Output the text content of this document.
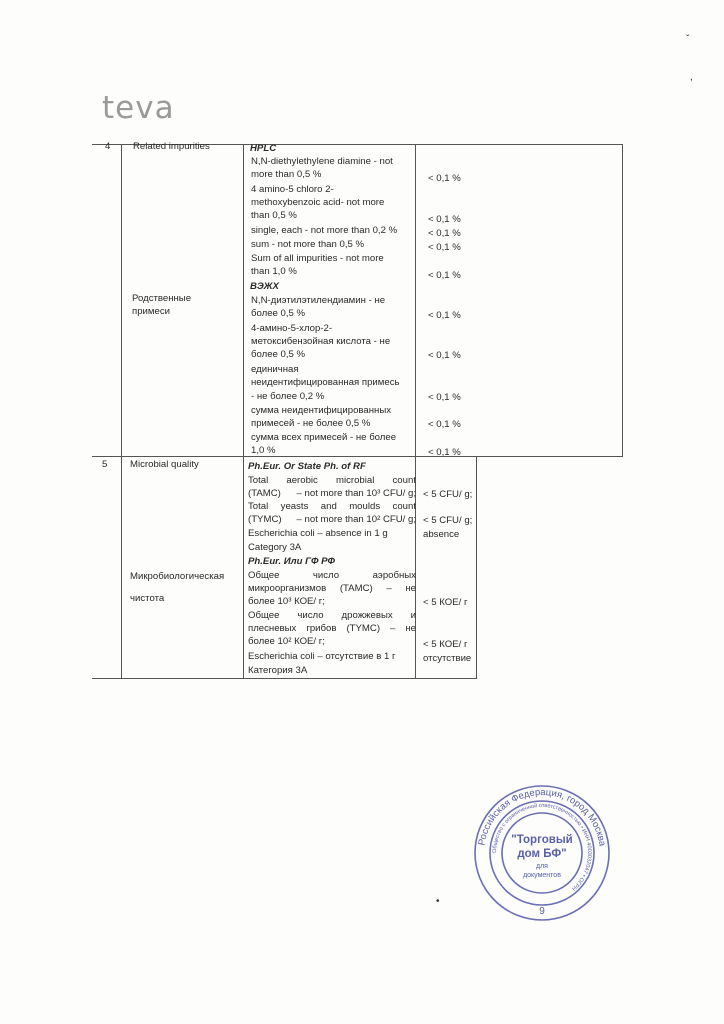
teva
4 Related impurities
Родственные
примеси
HPLC
N,N-diethylethylene diamine - not
more than 0,5 %
4 amino-5 chloro 2-
methoxybenzoic acid- not more
than 0,5 %
single, each - not more than 0,2 %
sum - not more than 0,5 %
Sum of all impurities - not more
than 1,0 %
< 0,1 %
< 0,1 %
< 0,1 %
< 0,1 %
< 0,1 %
ВЭЖХ
N,N-диэтилэтилендиамин - не
более 0,5 %
4-амино-5-хлор-2-
метоксибензойная кислота - не
более 0,5 %
единичная
неидентифицированная примесь
- не более 0,2 %
сумма неидентифицированных
примесей - не более 0,5 %
сумма всех примесей - не более
1,0 %
< 0,1 %
< 0,1 %
< 0,1 %
< 0,1 %
< 0,1 %
5 Microbial quality
Микробиологическая
чистота
Ph.Eur. Or State Ph. of RF
Total aerobic microbial count
(TAMC) – not more than 10³ CFU/ g;
Total yeasts and moulds count
(TYMC) – not more than 10² CFU/ g;
Escherichia coli – absence in 1 g
Category 3A
< 5 CFU/ g;
< 5 CFU/ g;
absence
Ph.Eur. Или ГФ РФ
Общее	число	аэробных
микроорганизмов (TAMC) – не
более 10³ КОЕ/ г;
Общее число дрожжевых и
плесневых грибов (TYMC) – не
более 10² КОЕ/ г;
Escherichia coli – отсутствие в 1 г
Категория 3А
< 5 КОЕ/ г
< 5 КОЕ/ г
отсутствие
ˇ
,
•
Российская Федерация, город Москва
Общество с ограниченной ответственностью • ИНН 4003032047 • ОГРН
"Торговый
дом БФ"
для
документов
9
